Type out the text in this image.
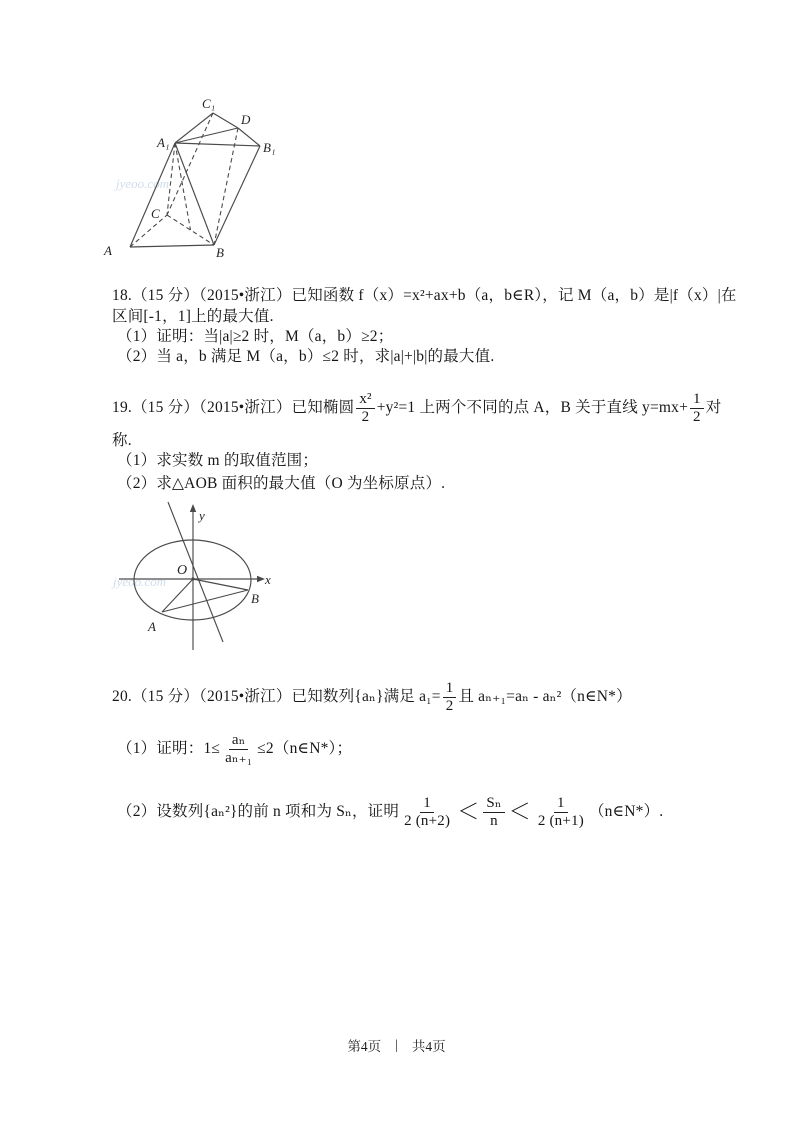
jyeoo.com
jyeoo.com
C₁
D
A₁	B₁
C
A	B
18.（15 分）（2015•浙江）已知函数 f（x）=x²+ax+b（a，b∈R），记 M（a，b）是|f（x）|在
区间[-1，1]上的最大值.
（1）证明：当|a|≥2 时，M（a，b）≥2；
（2）当 a，b 满足 M（a，b）≤2 时，求|a|+|b|的最大值.
19.（15 分）（2015•浙江）已知椭圆 $\frac{\text{x²}}{2} +y^2=1$ 上两个不同的点 A，B 关于直线 $y=mx+ \frac{1}{2}$ 对
称.
（1）求实数 m 的取值范围；
（2）求△AOB 面积的最大值（O 为坐标原点）.
y
x
O
A
B
20.（15 分）（2015•浙江）已知数列{aₙ}满足 $a_1= \frac{1}{2}$ 且 aₙ₊₁=aₙ - aₙ²（n∈N*）
（1）证明：$1\le \frac{\text{aₙ}}{\text{aₙ₊₁}}$ ≤2（n∈N*）；
（2）设数列{aₙ²}的前 n 项和为 Sₙ，证明 $\frac{1}{2 (n+2)} < \frac{\text{Sₙ}}{n} < \frac{1}{2 (n+1)}$ （n∈N*）.
第4页 | 共4页
